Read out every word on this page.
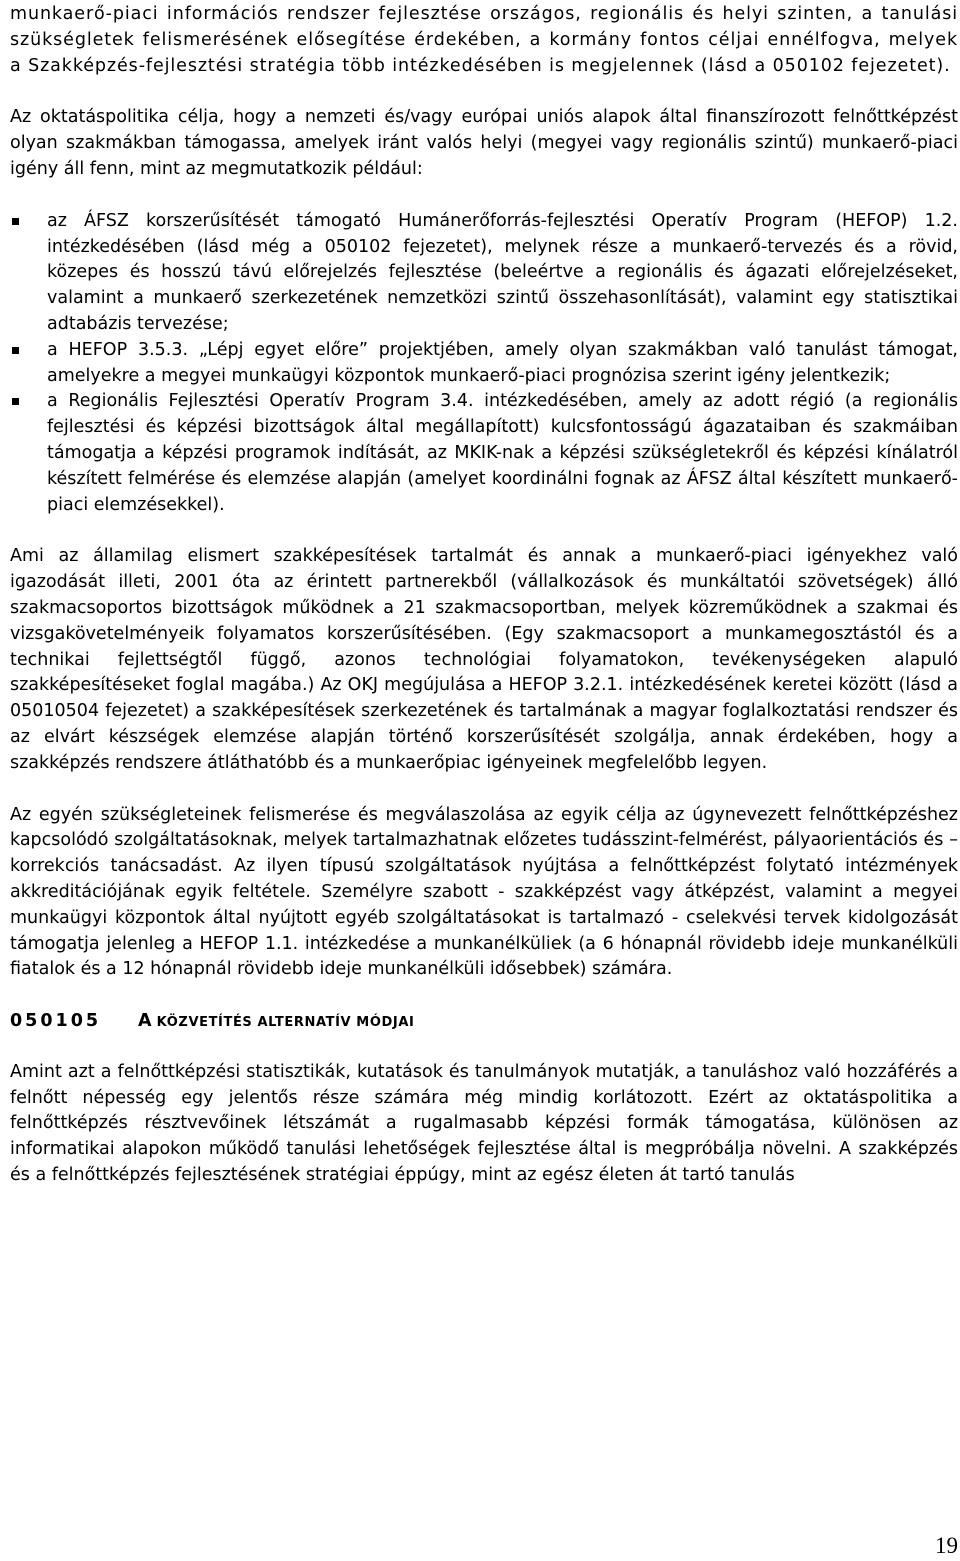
munkaerő-piaci információs rendszer fejlesztése országos, regionális és helyi szinten, a tanulási szükségletek felismerésének elősegítése érdekében, a kormány fontos céljai ennélfogva, melyek a Szakképzés-fejlesztési stratégia több intézkedésében is megjelennek (lásd a 050102 fejezetet).

Az oktatáspolitika célja, hogy a nemzeti és/vagy európai uniós alapok által finanszírozott felnőttképzést olyan szakmákban támogassa, amelyek iránt valós helyi (megyei vagy regionális szintű) munkaerő-piaci igény áll fenn, mint az megmutatkozik például:

az ÁFSZ korszerűsítését támogató Humánerőforrás-fejlesztési Operatív Program (HEFOP) 1.2. intézkedésében (lásd még a 050102 fejezetet), melynek része a munkaerő-tervezés és a rövid, közepes és hosszú távú előrejelzés fejlesztése (beleértve a regionális és ágazati előrejelzéseket, valamint a munkaerő szerkezetének nemzetközi szintű összehasonlítását), valamint egy statisztikai adtabázis tervezése;
a HEFOP 3.5.3. „Lépj egyet előre” projektjében, amely olyan szakmákban való tanulást támogat, amelyekre a megyei munkaügyi központok munkaerő-piaci prognózisa szerint igény jelentkezik;
a Regionális Fejlesztési Operatív Program 3.4. intézkedésében, amely az adott régió (a regionális fejlesztési és képzési bizottságok által megállapított) kulcsfontosságú ágazataiban és szakmáiban támogatja a képzési programok indítását, az MKIK-nak a képzési szükségletekről és képzési kínálatról készített felmérése és elemzése alapján (amelyet koordinálni fognak az ÁFSZ által készített munkaerő-piaci elemzésekkel).

Ami az államilag elismert szakképesítések tartalmát és annak a munkaerő-piaci igényekhez való igazodását illeti, 2001 óta az érintett partnerekből (vállalkozások és munkáltatói szövetségek) álló szakmacsoportos bizottságok működnek a 21 szakmacsoportban, melyek közreműködnek a szakmai és vizsgakövetelményeik folyamatos korszerűsítésében. (Egy szakmacsoport a munkamegosztástól és a technikai fejlettségtől függő, azonos technológiai folyamatokon, tevékenységeken alapuló szakképesítéseket foglal magába.) Az OKJ megújulása a HEFOP 3.2.1. intézkedésének keretei között (lásd a 05010504 fejezetet) a szakképesítések szerkezetének és tartalmának a magyar foglalkoztatási rendszer és az elvárt készségek elemzése alapján történő korszerűsítését szolgálja, annak érdekében, hogy a szakképzés rendszere átláthatóbb és a munkaerőpiac igényeinek megfelelőbb legyen.

Az egyén szükségleteinek felismerése és megválaszolása az egyik célja az úgynevezett felnőttképzéshez kapcsolódó szolgáltatásoknak, melyek tartalmazhatnak előzetes tudásszint-felmérést, pályaorientációs és –korrekciós tanácsadást. Az ilyen típusú szolgáltatások nyújtása a felnőttképzést folytató intézmények akkreditációjának egyik feltétele. Személyre szabott - szakképzést vagy átképzést, valamint a megyei munkaügyi központok által nyújtott egyéb szolgáltatásokat is tartalmazó - cselekvési tervek kidolgozását támogatja jelenleg a HEFOP 1.1. intézkedése a munkanélküliek (a 6 hónapnál rövidebb ideje munkanélküli fiatalok és a 12 hónapnál rövidebb ideje munkanélküli idősebbek) számára.

050105	A KÖZVETÍTÉS ALTERNATÍV MÓDJAI

Amint azt a felnőttképzési statisztikák, kutatások és tanulmányok mutatják, a tanuláshoz való hozzáférés a felnőtt népesség egy jelentős része számára még mindig korlátozott. Ezért az oktatáspolitika a felnőttképzés résztvevőinek létszámát a rugalmasabb képzési formák támogatása, különösen az informatikai alapokon működő tanulási lehetőségek fejlesztése által is megpróbálja növelni. A szakképzés és a felnőttképzés fejlesztésének stratégiai éppúgy, mint az egész életen át tartó tanulás

19
